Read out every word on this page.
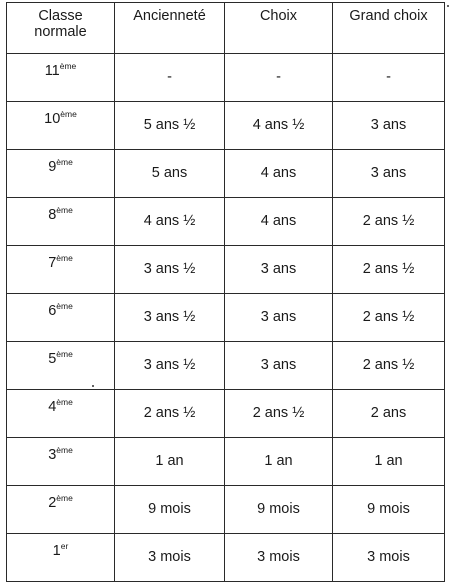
Classe
normale	Ancienneté	Choix	Grand choix
11ème	-	-	-
10ème	5 ans ½	4 ans ½	3 ans
9ème	5 ans	4 ans	3 ans
8ème	4 ans ½	4 ans	2 ans ½
7ème	3 ans ½	3 ans	2 ans ½
6ème	3 ans ½	3 ans	2 ans ½
5ème	3 ans ½	3 ans	2 ans ½
4ème	2 ans ½	2 ans ½	2 ans
3ème	1 an	1 an	1 an
2ème	9 mois	9 mois	9 mois
1er	3 mois	3 mois	3 mois
